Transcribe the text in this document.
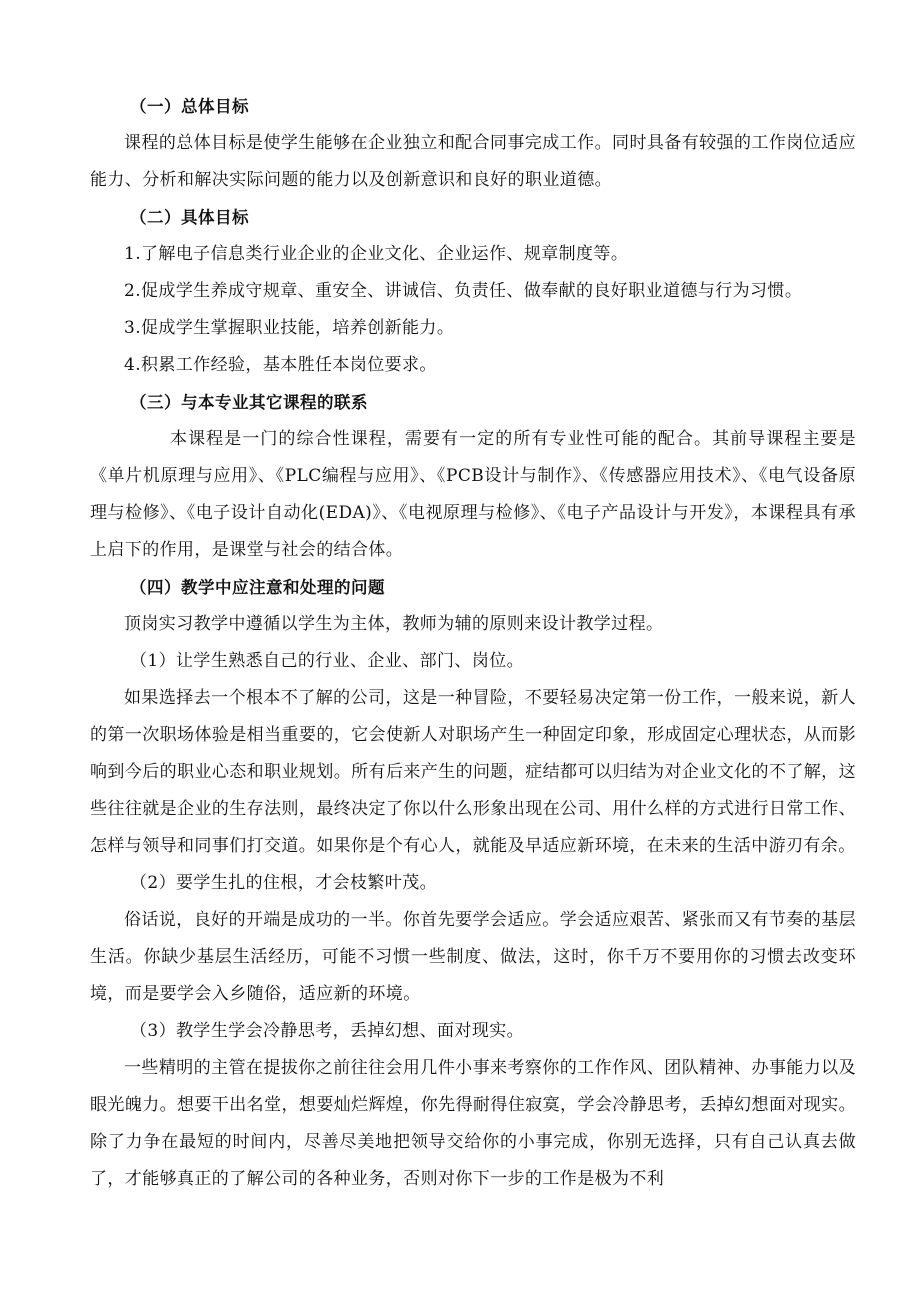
（一）总体目标

课程的总体目标是使学生能够在企业独立和配合同事完成工作。同时具备有较强的工作岗位适应能力、分析和解决实际问题的能力以及创新意识和良好的职业道德。

（二）具体目标
1.了解电子信息类行业企业的企业文化、企业运作、规章制度等。
2.促成学生养成守规章、重安全、讲诚信、负责任、做奉献的良好职业道德与行为习惯。
3.促成学生掌握职业技能，培养创新能力。
4.积累工作经验，基本胜任本岗位要求。
（三）与本专业其它课程的联系

本课程是一门的综合性课程，需要有一定的所有专业性可能的配合。其前导课程主要是《单片机原理与应用》、《PLC编程与应用》、《PCB设计与制作》、《传感器应用技术》、《电气设备原理与检修》、《电子设计自动化(EDA)》、《电视原理与检修》、《电子产品设计与开发》，本课程具有承上启下的作用，是课堂与社会的结合体。

（四）教学中应注意和处理的问题

顶岗实习教学中遵循以学生为主体，教师为辅的原则来设计教学过程。

（1）让学生熟悉自己的行业、企业、部门、岗位。

如果选择去一个根本不了解的公司，这是一种冒险，不要轻易决定第一份工作，一般来说，新人的第一次职场体验是相当重要的，它会使新人对职场产生一种固定印象，形成固定心理状态，从而影响到今后的职业心态和职业规划。所有后来产生的问题，症结都可以归结为对企业文化的不了解，这些往往就是企业的生存法则，最终决定了你以什么形象出现在公司、用什么样的方式进行日常工作、怎样与领导和同事们打交道。如果你是个有心人，就能及早适应新环境，在未来的生活中游刃有余。

（2）要学生扎的住根，才会枝繁叶茂。

俗话说，良好的开端是成功的一半。你首先要学会适应。学会适应艰苦、紧张而又有节奏的基层生活。你缺少基层生活经历，可能不习惯一些制度、做法，这时，你千万不要用你的习惯去改变环境，而是要学会入乡随俗，适应新的环境。

（3）教学生学会冷静思考，丢掉幻想、面对现实。

一些精明的主管在提拔你之前往往会用几件小事来考察你的工作作风、团队精神、办事能力以及眼光魄力。想要干出名堂，想要灿烂辉煌，你先得耐得住寂寞，学会冷静思考，丢掉幻想面对现实。除了力争在最短的时间内，尽善尽美地把领导交给你的小事完成，你别无选择，只有自己认真去做了，才能够真正的了解公司的各种业务，否则对你下一步的工作是极为不利
